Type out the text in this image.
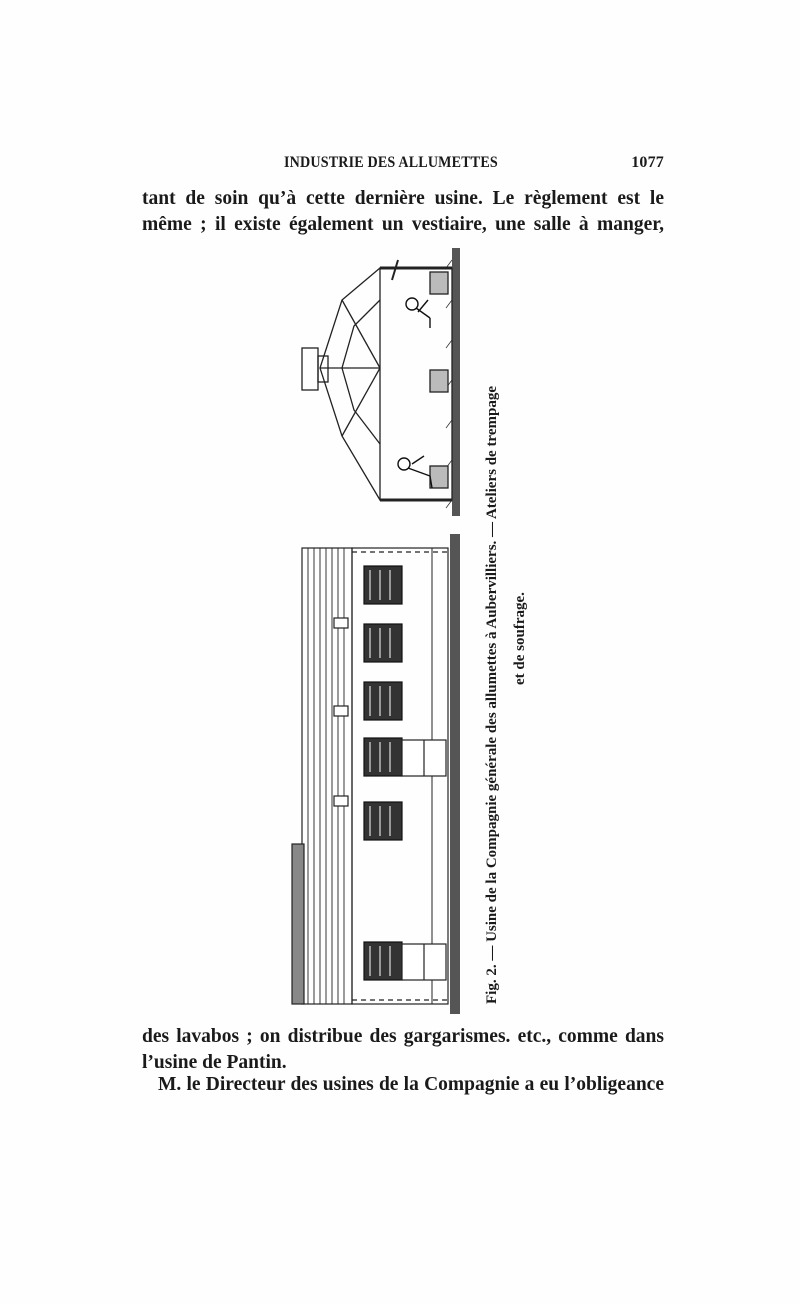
INDUSTRIE DES ALLUMETTES	1077

tant de soin qu’à cette dernière usine. Le règlement est le
même ; il existe également un vestiaire, une salle à manger,

Fig. 2. — Usine de la Compagnie générale des allumettes à Aubervilliers. — Ateliers de trempage et de soufrage.

des lavabos ; on distribue des gargarismes. etc., comme dans
l’usine de Pantin.

M. le Directeur des usines de la Compagnie a eu l’obligeance
